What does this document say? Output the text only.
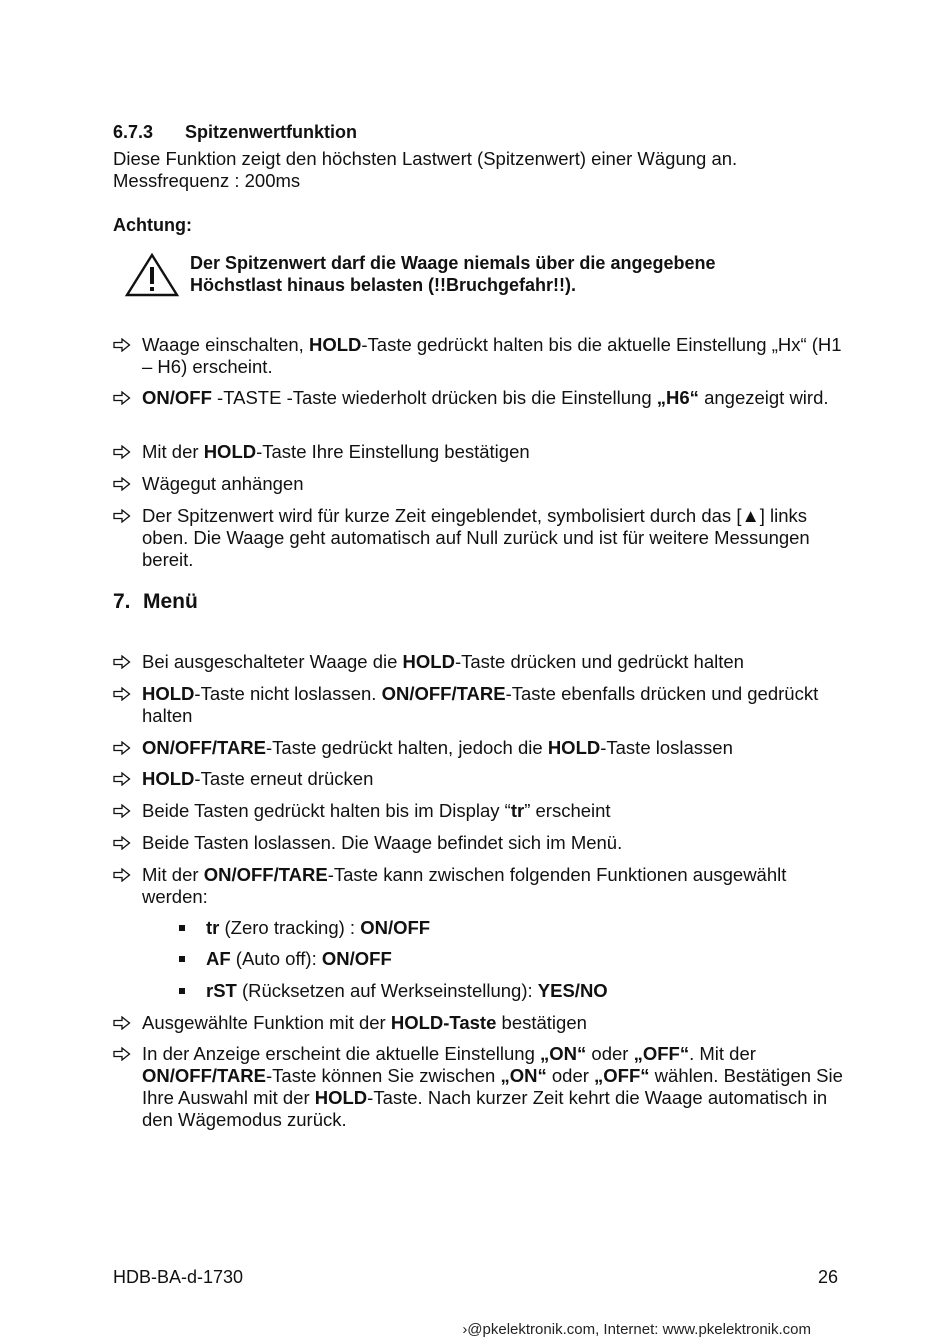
6.7.3 Spitzenwertfunktion
Diese Funktion zeigt den höchsten Lastwert (Spitzenwert) einer Wägung an.
Messfrequenz : 200ms
Achtung:
Der Spitzenwert darf die Waage niemals über die angegebene
Höchstlast hinaus belasten (!!Bruchgefahr!!).
Waage einschalten, HOLD-Taste gedrückt halten bis die aktuelle Einstellung „Hx“ (H1 – H6) erscheint.
ON/OFF -TASTE -Taste wiederholt drücken bis die Einstellung „H6“ angezeigt wird.
Mit der HOLD-Taste Ihre Einstellung bestätigen
Wägegut anhängen
Der Spitzenwert wird für kurze Zeit eingeblendet, symbolisiert durch das [▲] links oben. Die Waage geht automatisch auf Null zurück und ist für weitere Messungen bereit.
7. Menü
Bei ausgeschalteter Waage die HOLD-Taste drücken und gedrückt halten
HOLD-Taste nicht loslassen. ON/OFF/TARE-Taste ebenfalls drücken und gedrückt halten
ON/OFF/TARE-Taste gedrückt halten, jedoch die HOLD-Taste loslassen
HOLD-Taste erneut drücken
Beide Tasten gedrückt halten bis im Display “tr” erscheint
Beide Tasten loslassen. Die Waage befindet sich im Menü.
Mit der ON/OFF/TARE-Taste kann zwischen folgenden Funktionen ausgewählt werden:
tr (Zero tracking) : ON/OFF
AF (Auto off): ON/OFF
rST (Rücksetzen auf Werkseinstellung): YES/NO
Ausgewählte Funktion mit der HOLD-Taste bestätigen
In der Anzeige erscheint die aktuelle Einstellung „ON“ oder „OFF“. Mit der ON/OFF/TARE-Taste können Sie zwischen „ON“ oder „OFF“ wählen. Bestätigen Sie Ihre Auswahl mit der HOLD-Taste. Nach kurzer Zeit kehrt die Waage automatisch in den Wägemodus zurück.
HDB-BA-d-1730	26
›@pkelektronik.com, Internet: www.pkelektronik.com
